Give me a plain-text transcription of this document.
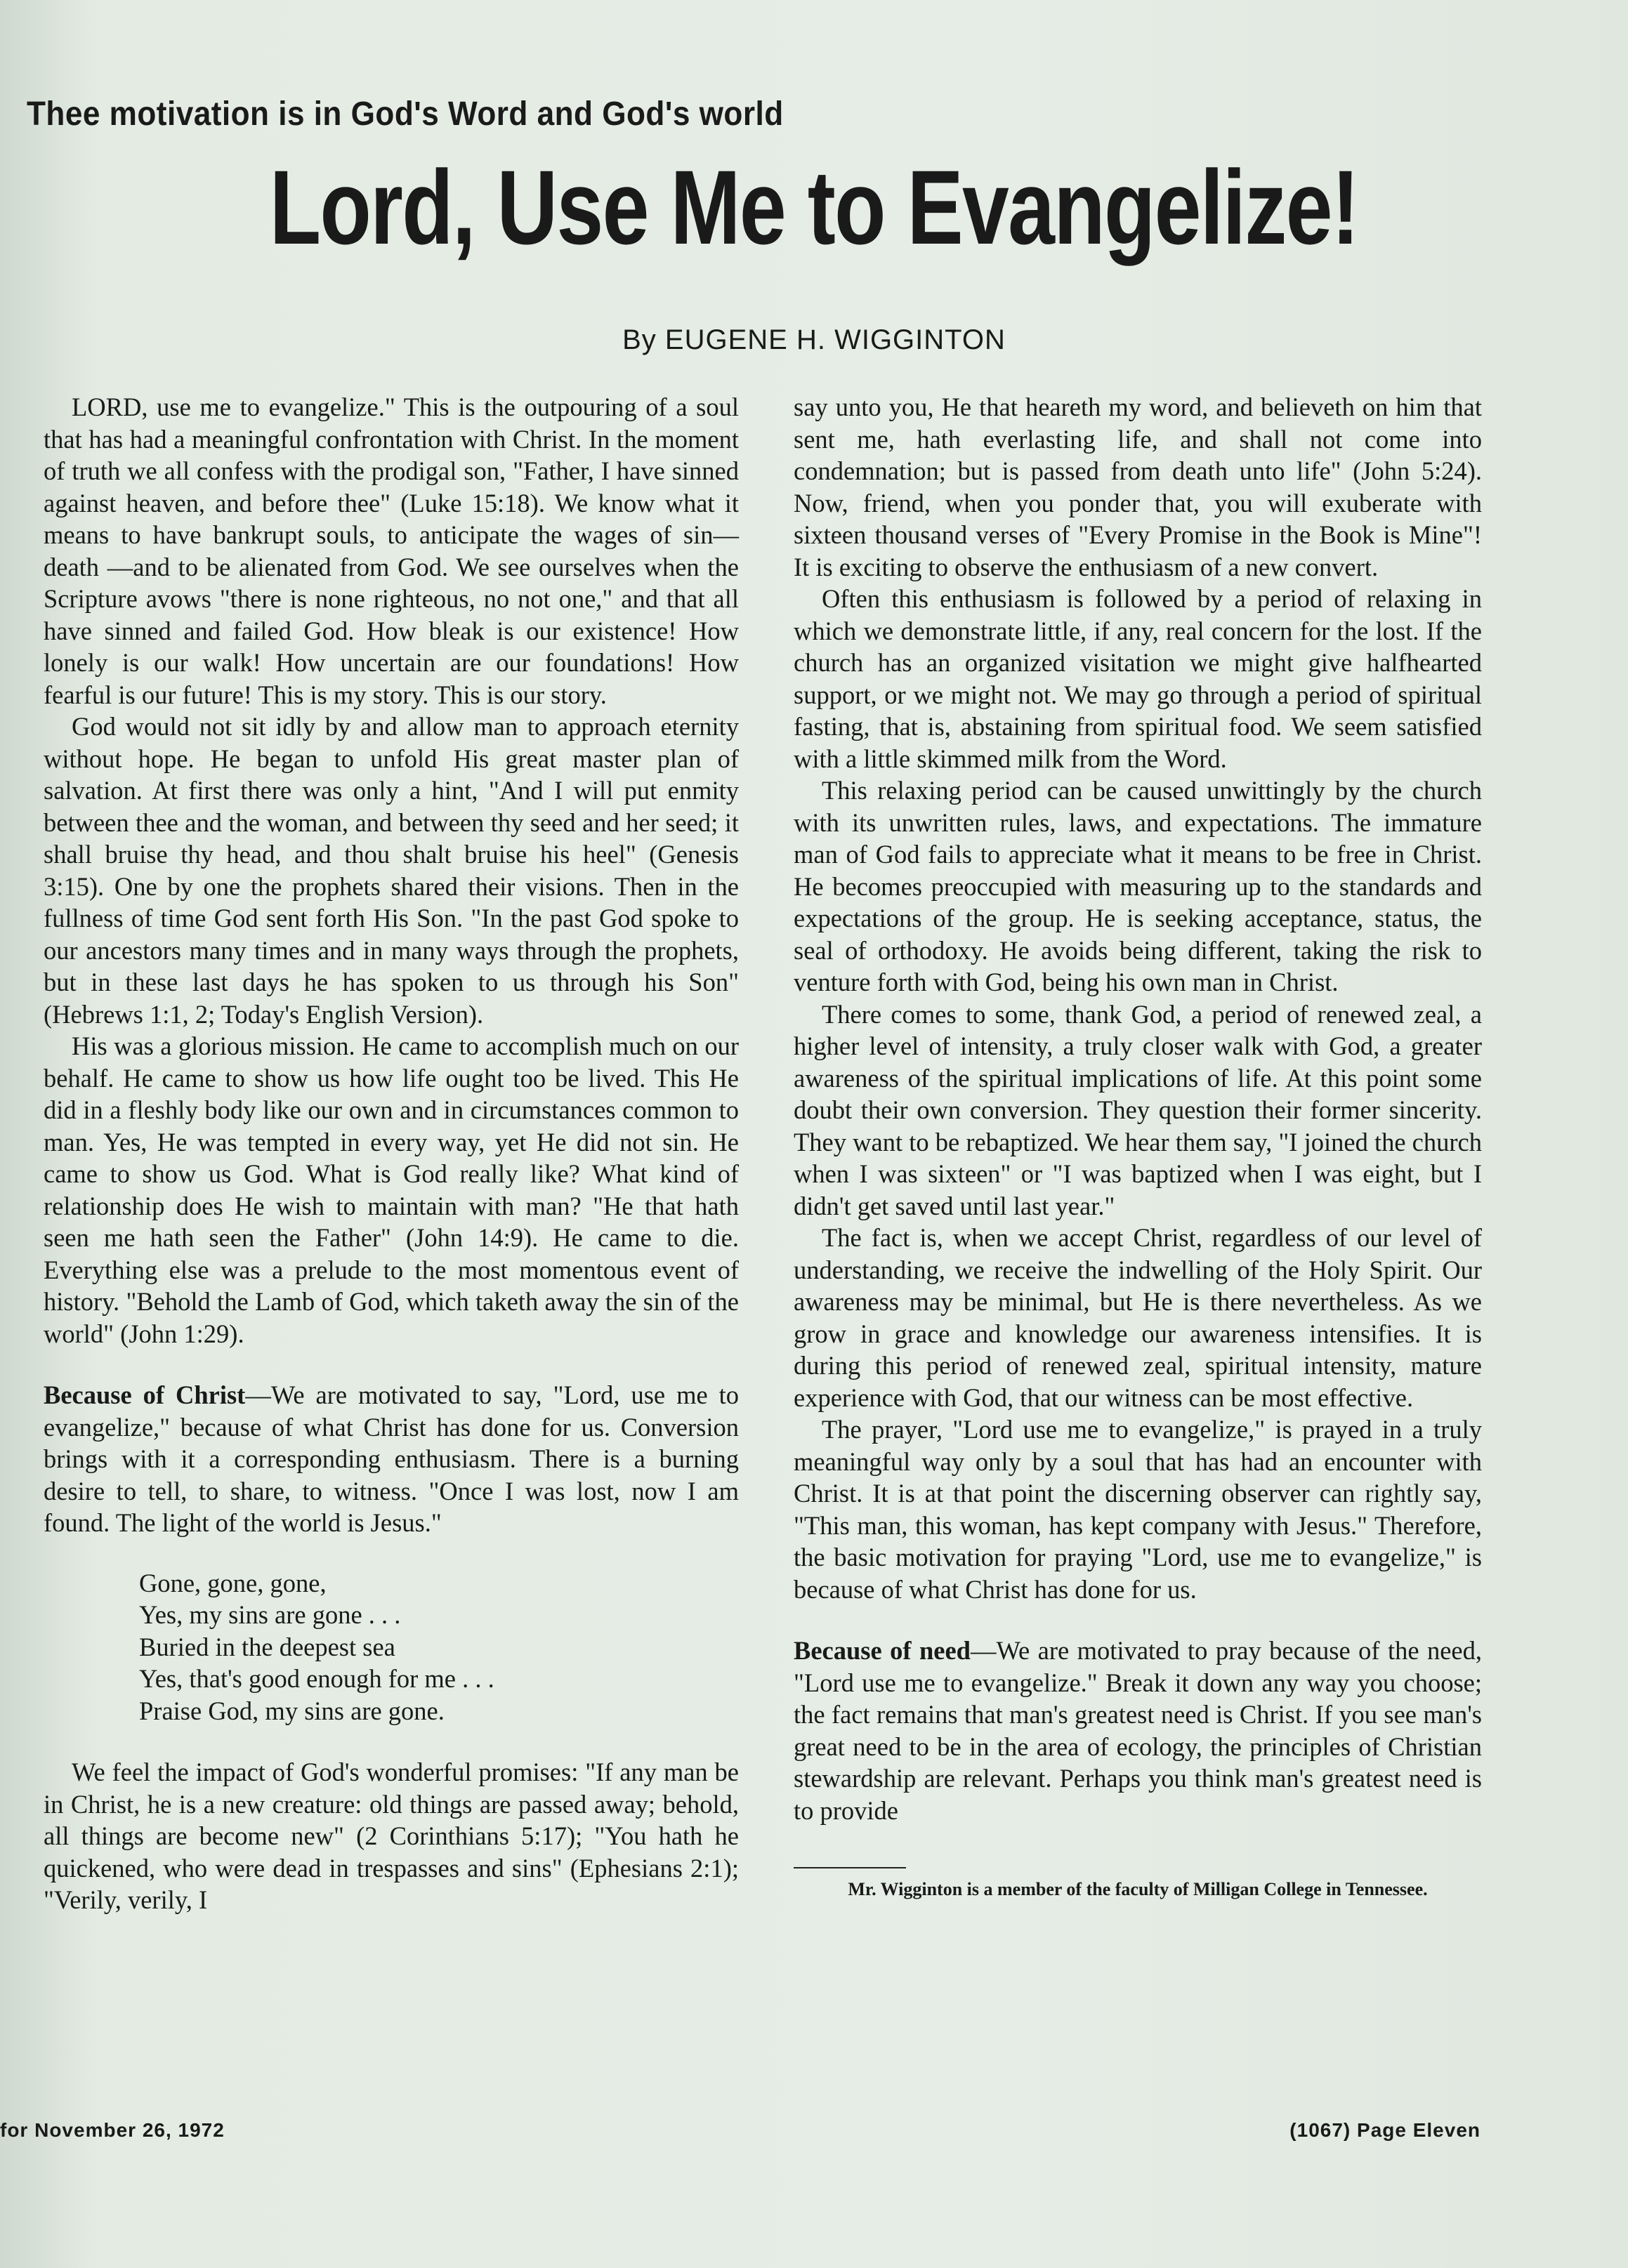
Thee motivation is in God's Word and God's world
Lord, Use Me to Evangelize!
By EUGENE H. WIGGINTON

LORD, use me to evangelize." This is the outpouring of a soul that has had a meaningful confrontation with Christ. In the moment of truth we all confess with the prodigal son, "Father, I have sinned against heaven, and before thee" (Luke 15:18). We know what it means to have bankrupt souls, to anticipate the wages of sin—death —and to be alienated from God. We see ourselves when the Scripture avows "there is none righteous, no not one," and that all have sinned and failed God. How bleak is our existence! How lonely is our walk! How uncertain are our foundations! How fearful is our future! This is my story. This is our story.

God would not sit idly by and allow man to approach eternity without hope. He began to unfold His great master plan of salvation. At first there was only a hint, "And I will put enmity between thee and the woman, and between thy seed and her seed; it shall bruise thy head, and thou shalt bruise his heel" (Genesis 3:15). One by one the prophets shared their visions. Then in the fullness of time God sent forth His Son. "In the past God spoke to our ancestors many times and in many ways through the prophets, but in these last days he has spoken to us through his Son" (Hebrews 1:1, 2; Today's English Version).

His was a glorious mission. He came to accomplish much on our behalf. He came to show us how life ought too be lived. This He did in a fleshly body like our own and in circumstances common to man. Yes, He was tempted in every way, yet He did not sin. He came to show us God. What is God really like? What kind of relationship does He wish to maintain with man? "He that hath seen me hath seen the Father" (John 14:9). He came to die. Everything else was a prelude to the most momentous event of history. "Behold the Lamb of God, which taketh away the sin of the world" (John 1:29).

Because of Christ—We are motivated to say, "Lord, use me to evangelize," because of what Christ has done for us. Conversion brings with it a corresponding enthusiasm. There is a burning desire to tell, to share, to witness. "Once I was lost, now I am found. The light of the world is Jesus."

Gone, gone, gone,
Yes, my sins are gone . . .
Buried in the deepest sea
Yes, that's good enough for me . . .
Praise God, my sins are gone.

We feel the impact of God's wonderful promises: "If any man be in Christ, he is a new creature: old things are passed away; behold, all things are become new" (2 Corinthians 5:17); "You hath he quickened, who were dead in trespasses and sins" (Ephesians 2:1); "Verily, verily, I

say unto you, He that heareth my word, and believeth on him that sent me, hath everlasting life, and shall not come into condemnation; but is passed from death unto life" (John 5:24). Now, friend, when you ponder that, you will exuberate with sixteen thousand verses of "Every Promise in the Book is Mine"! It is exciting to observe the enthusiasm of a new convert.

Often this enthusiasm is followed by a period of relaxing in which we demonstrate little, if any, real concern for the lost. If the church has an organized visitation we might give halfhearted support, or we might not. We may go through a period of spiritual fasting, that is, abstaining from spiritual food. We seem satisfied with a little skimmed milk from the Word.

This relaxing period can be caused unwittingly by the church with its unwritten rules, laws, and expectations. The immature man of God fails to appreciate what it means to be free in Christ. He becomes preoccupied with measuring up to the standards and expectations of the group. He is seeking acceptance, status, the seal of orthodoxy. He avoids being different, taking the risk to venture forth with God, being his own man in Christ.

There comes to some, thank God, a period of renewed zeal, a higher level of intensity, a truly closer walk with God, a greater awareness of the spiritual implications of life. At this point some doubt their own conversion. They question their former sincerity. They want to be rebaptized. We hear them say, "I joined the church when I was sixteen" or "I was baptized when I was eight, but I didn't get saved until last year."

The fact is, when we accept Christ, regardless of our level of understanding, we receive the indwelling of the Holy Spirit. Our awareness may be minimal, but He is there nevertheless. As we grow in grace and knowledge our awareness intensifies. It is during this period of renewed zeal, spiritual intensity, mature experience with God, that our witness can be most effective.

The prayer, "Lord use me to evangelize," is prayed in a truly meaningful way only by a soul that has had an encounter with Christ. It is at that point the discerning observer can rightly say, "This man, this woman, has kept company with Jesus." Therefore, the basic motivation for praying "Lord, use me to evangelize," is because of what Christ has done for us.

Because of need—We are motivated to pray because of the need, "Lord use me to evangelize." Break it down any way you choose; the fact remains that man's greatest need is Christ. If you see man's great need to be in the area of ecology, the principles of Christian stewardship are relevant. Perhaps you think man's greatest need is to provide

Mr. Wigginton is a member of the faculty of Milligan College in Tennessee.
for November 26, 1972	(1067) Page Eleven
